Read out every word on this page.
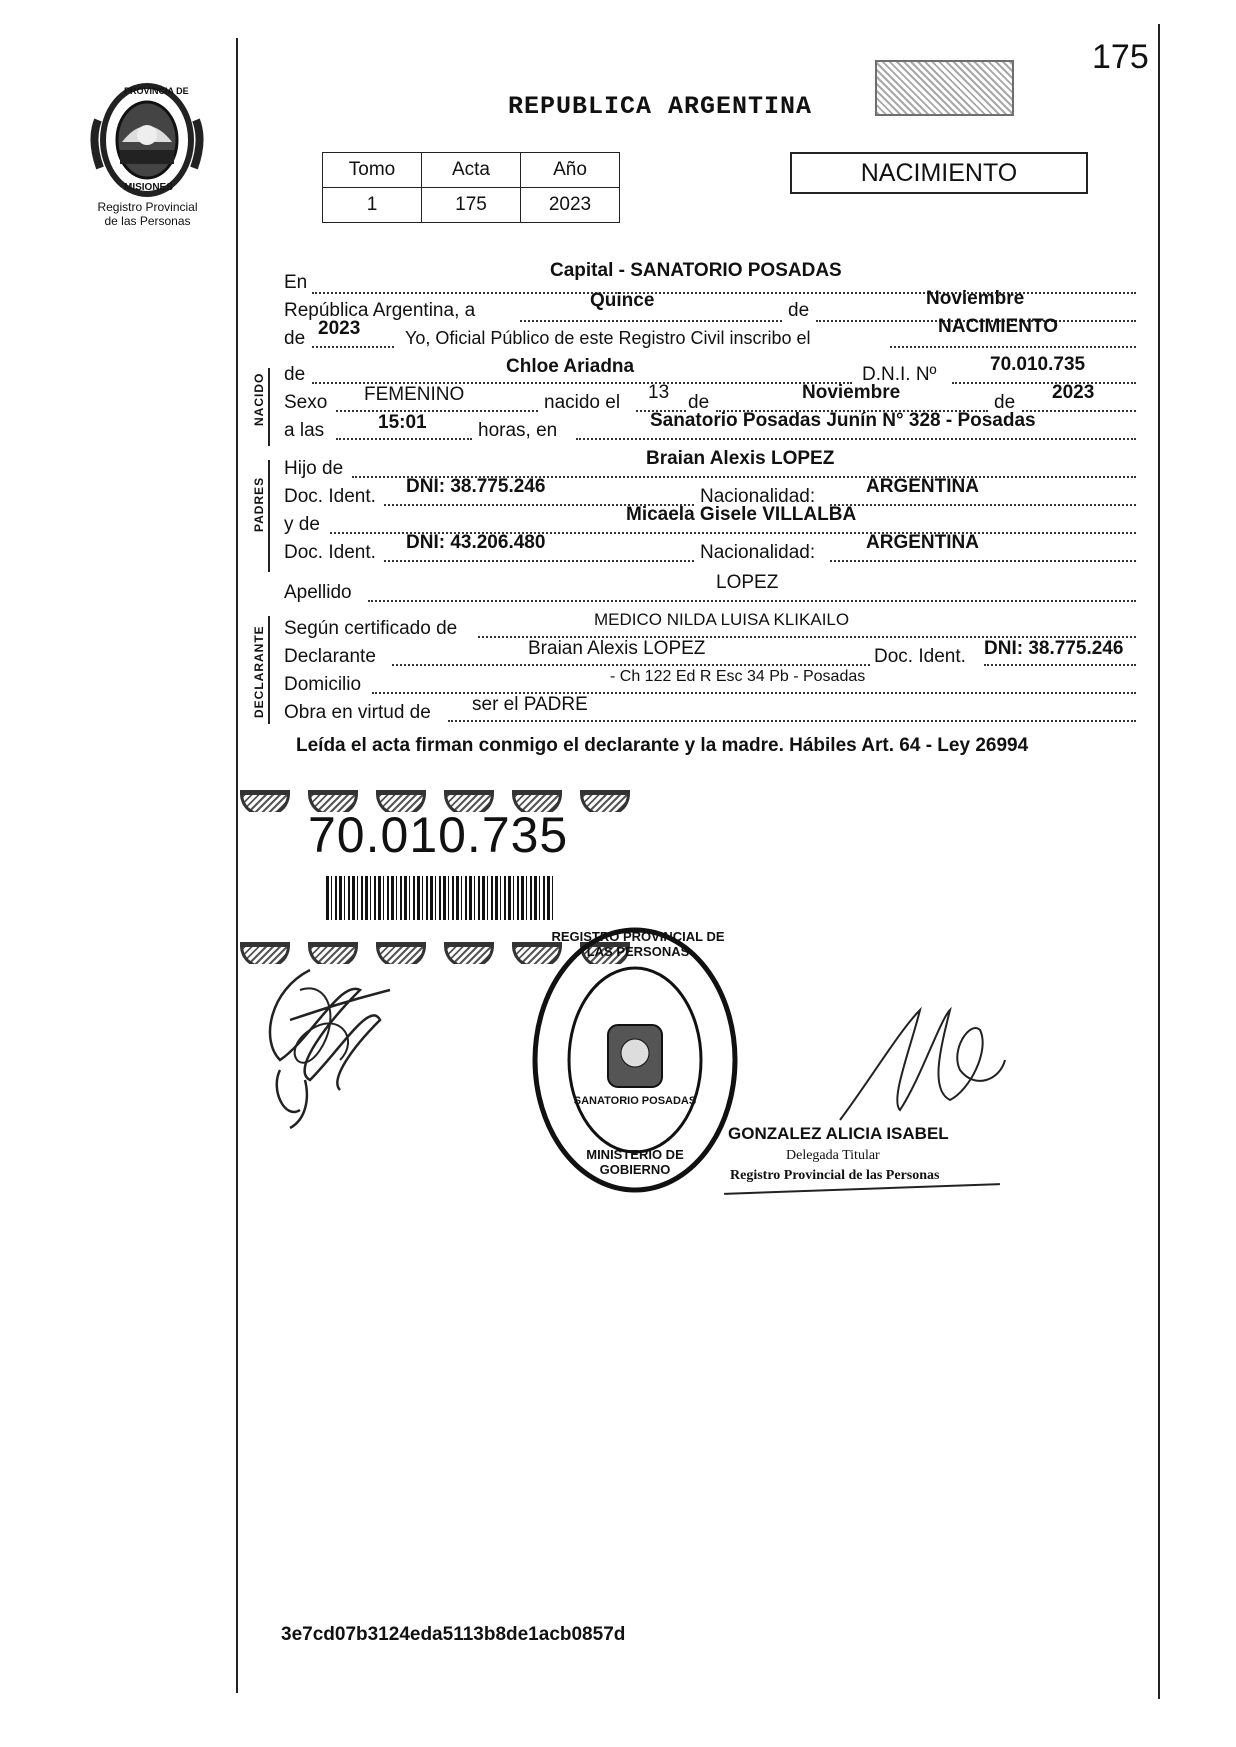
175
PROVINCIA DE
MISIONES
Registro Provincial
de las Personas
REPUBLICA ARGENTINA
Tomo	Acta	Año
1	175	2023
NACIMIENTO
NACIDO
PADRES
DECLARANTE
En
Capital - SANATORIO POSADAS
República Argentina, a	Quince	de
Noviembre
de 2023 Yo, Oficial Público de este Registro Civil inscribo el
NACIMIENTO
de	Chloe Ariadna	D.N.I. Nº	70.010.735
Sexo FEMENINO	nacido el 13 de	Noviembre	de 2023
a las	15:01	horas, en	Sanatorio Posadas Junín N° 328 - Posadas
Hijo de	Braian Alexis LOPEZ
Doc. Ident. DNI: 38.775.246	Nacionalidad:	ARGENTINA
y de	Micaela Gisele VILLALBA
Doc. Ident. DNI: 43.206.480	Nacionalidad:	ARGENTINA
Apellido	LOPEZ
Según certificado de	MEDICO NILDA LUISA KLIKAILO
Declarante	Braian Alexis LOPEZ	Doc. Ident. DNI: 38.775.246
Domicilio	- Ch 122 Ed R Esc 34 Pb - Posadas
Obra en virtud de ser el PADRE
Leída el acta firman conmigo el declarante y la madre. Hábiles Art. 64 - Ley 26994
70.010.735
REGISTRO PROVINCIAL DE LAS PERSONAS
SANATORIO POSADAS
MINISTERIO DE GOBIERNO
GONZALEZ ALICIA ISABEL
Delegada Titular
Registro Provincial de las Personas
3e7cd07b3124eda5113b8de1acb0857d
